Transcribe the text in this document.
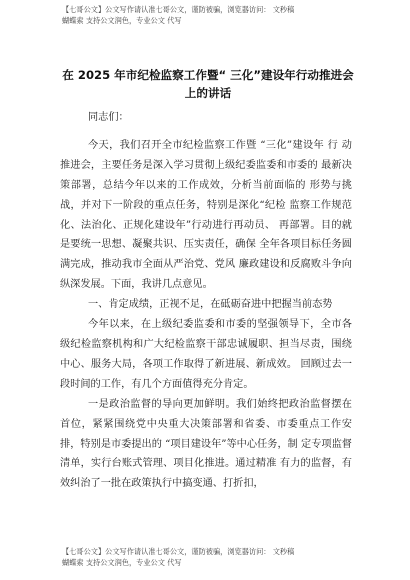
【七哥公文】公文写作请认准七哥公文，谨防被骗，浏览器访问： 文秒稿
蝴蝶索 支持公文润色，专业公文 代写
在 2025 年市纪检监察工作暨“ 三化”建设年行动推进会上的讲话

同志们：

今天，我们召开全市纪检监察工作暨 “三化”建设年 行 动推进会，主要任务是深入学习贯彻上级纪委监委和市委的 最新决策部署，总结今年以来的工作成效，分析当前面临的 形势与挑战，并对下一阶段的重点任务，特别是深化“纪检 监察工作规范化、法治化、正规化建设年”行动进行再动员、 再部署。目的就是要统一思想、凝聚共识、压实责任，确保 全年各项目标任务圆满完成，推动我市全面从严治党、党风 廉政建设和反腐败斗争向纵深发展。下面，我讲几点意见。

一、肯定成绩，正视不足，在砥砺奋进中把握当前态势

今年以来，在上级纪委监委和市委的坚强领导下，全市各级纪检监察机构和广大纪检监察干部忠诚履职、担当尽责，围绕中心、服务大局，各项工作取得了新进展、新成效。 回顾过去一段时间的工作，有几个方面值得充分肯定。

一是政治监督的导向更加鲜明。我们始终把政治监督摆在首位，紧紧围绕党中央重大决策部署和省委、市委重点工作安排，特别是市委提出的 “项目建设年”等中心任务，制 定专项监督清单，实行台账式管理、项目化推进。通过精准 有力的监督，有效纠治了一批在政策执行中搞变通、打折扣，

【七哥公文】公文写作请认准七哥公文，谨防被骗，浏览器访问： 文秒稿
蝴蝶索 支持公文润色，专业公文 代写
